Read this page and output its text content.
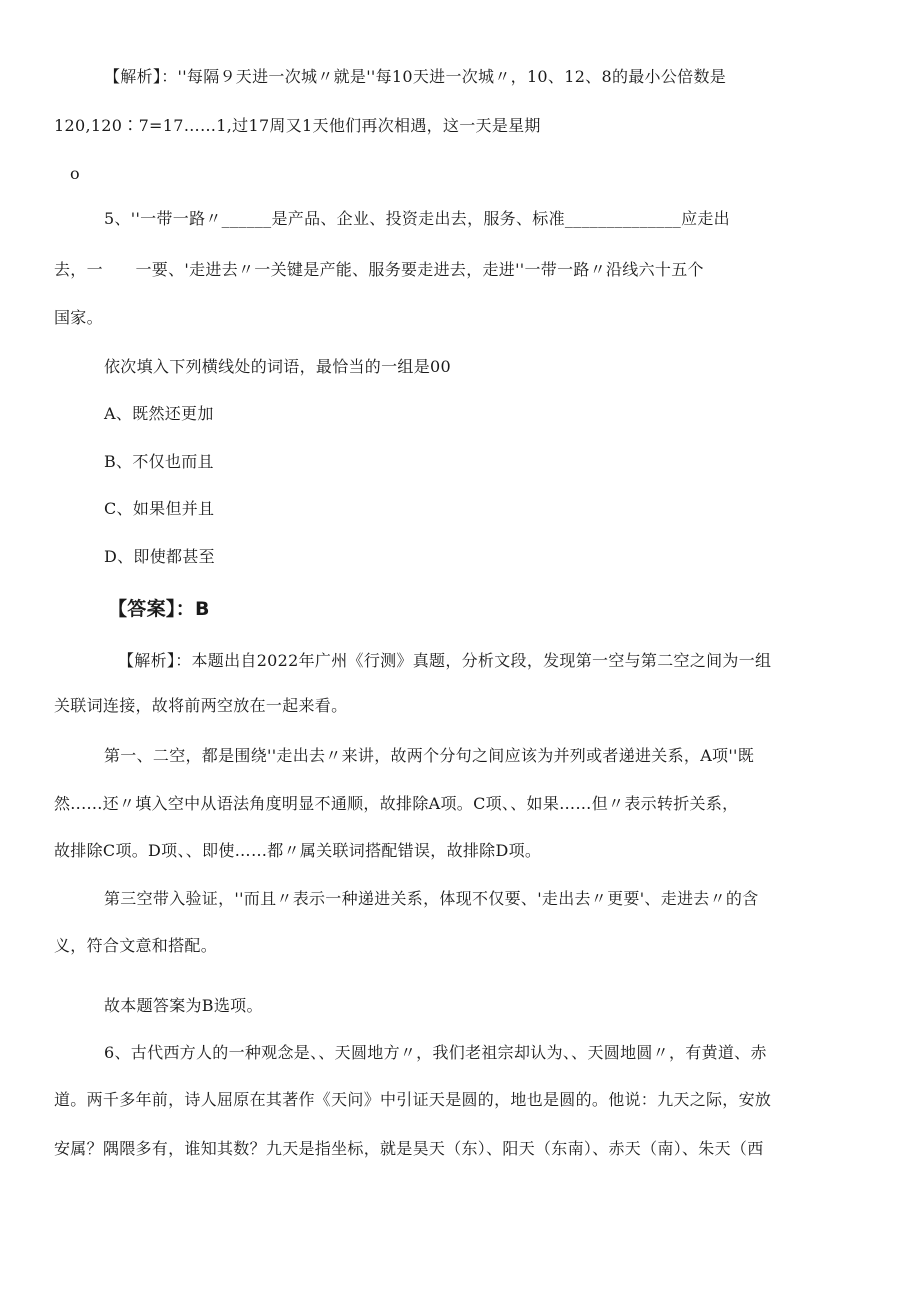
【解析】：''每隔９天进一次城〃就是''每10天进一次城〃，10、12、8的最小公倍数是
120,120∶7=17……1,过17周又1天他们再次相遇，这一天是星期
o
5、''一带一路〃______是产品、企业、投资走出去，服务、标准______________应走出
去，一　　一要、'走进去〃一关键是产能、服务要走进去，走进''一带一路〃沿线六十五个
国家。
依次填入下列横线处的词语，最恰当的一组是00
A、既然还更加
B、不仅也而且
C、如果但并且
D、即使都甚至
【答案】：B
【解析】：本题出自2022年广州《行测》真题，分析文段，发现第一空与第二空之间为一组
关联词连接，故将前两空放在一起来看。
第一、二空，都是围绕''走出去〃来讲，故两个分句之间应该为并列或者递进关系，A项''既
然......还〃填入空中从语法角度明显不通顺，故排除A项。C项、、如果……但〃表示转折关系，
故排除C项。D项、、即使……都〃属关联词搭配错误，故排除D项。
第三空带入验证，''而且〃表示一种递进关系，体现不仅要、'走出去〃更要'、走进去〃的含
义，符合文意和搭配。
故本题答案为B选项。
6、古代西方人的一种观念是、、天圆地方〃，我们老祖宗却认为、、天圆地圆〃，有黄道、赤
道。两千多年前，诗人屈原在其著作《天问》中引证天是圆的，地也是圆的。他说：九天之际，安放
安属？隅隈多有，谁知其数？九天是指坐标，就是昊天（东）、阳天（东南）、赤天（南）、朱天（西
